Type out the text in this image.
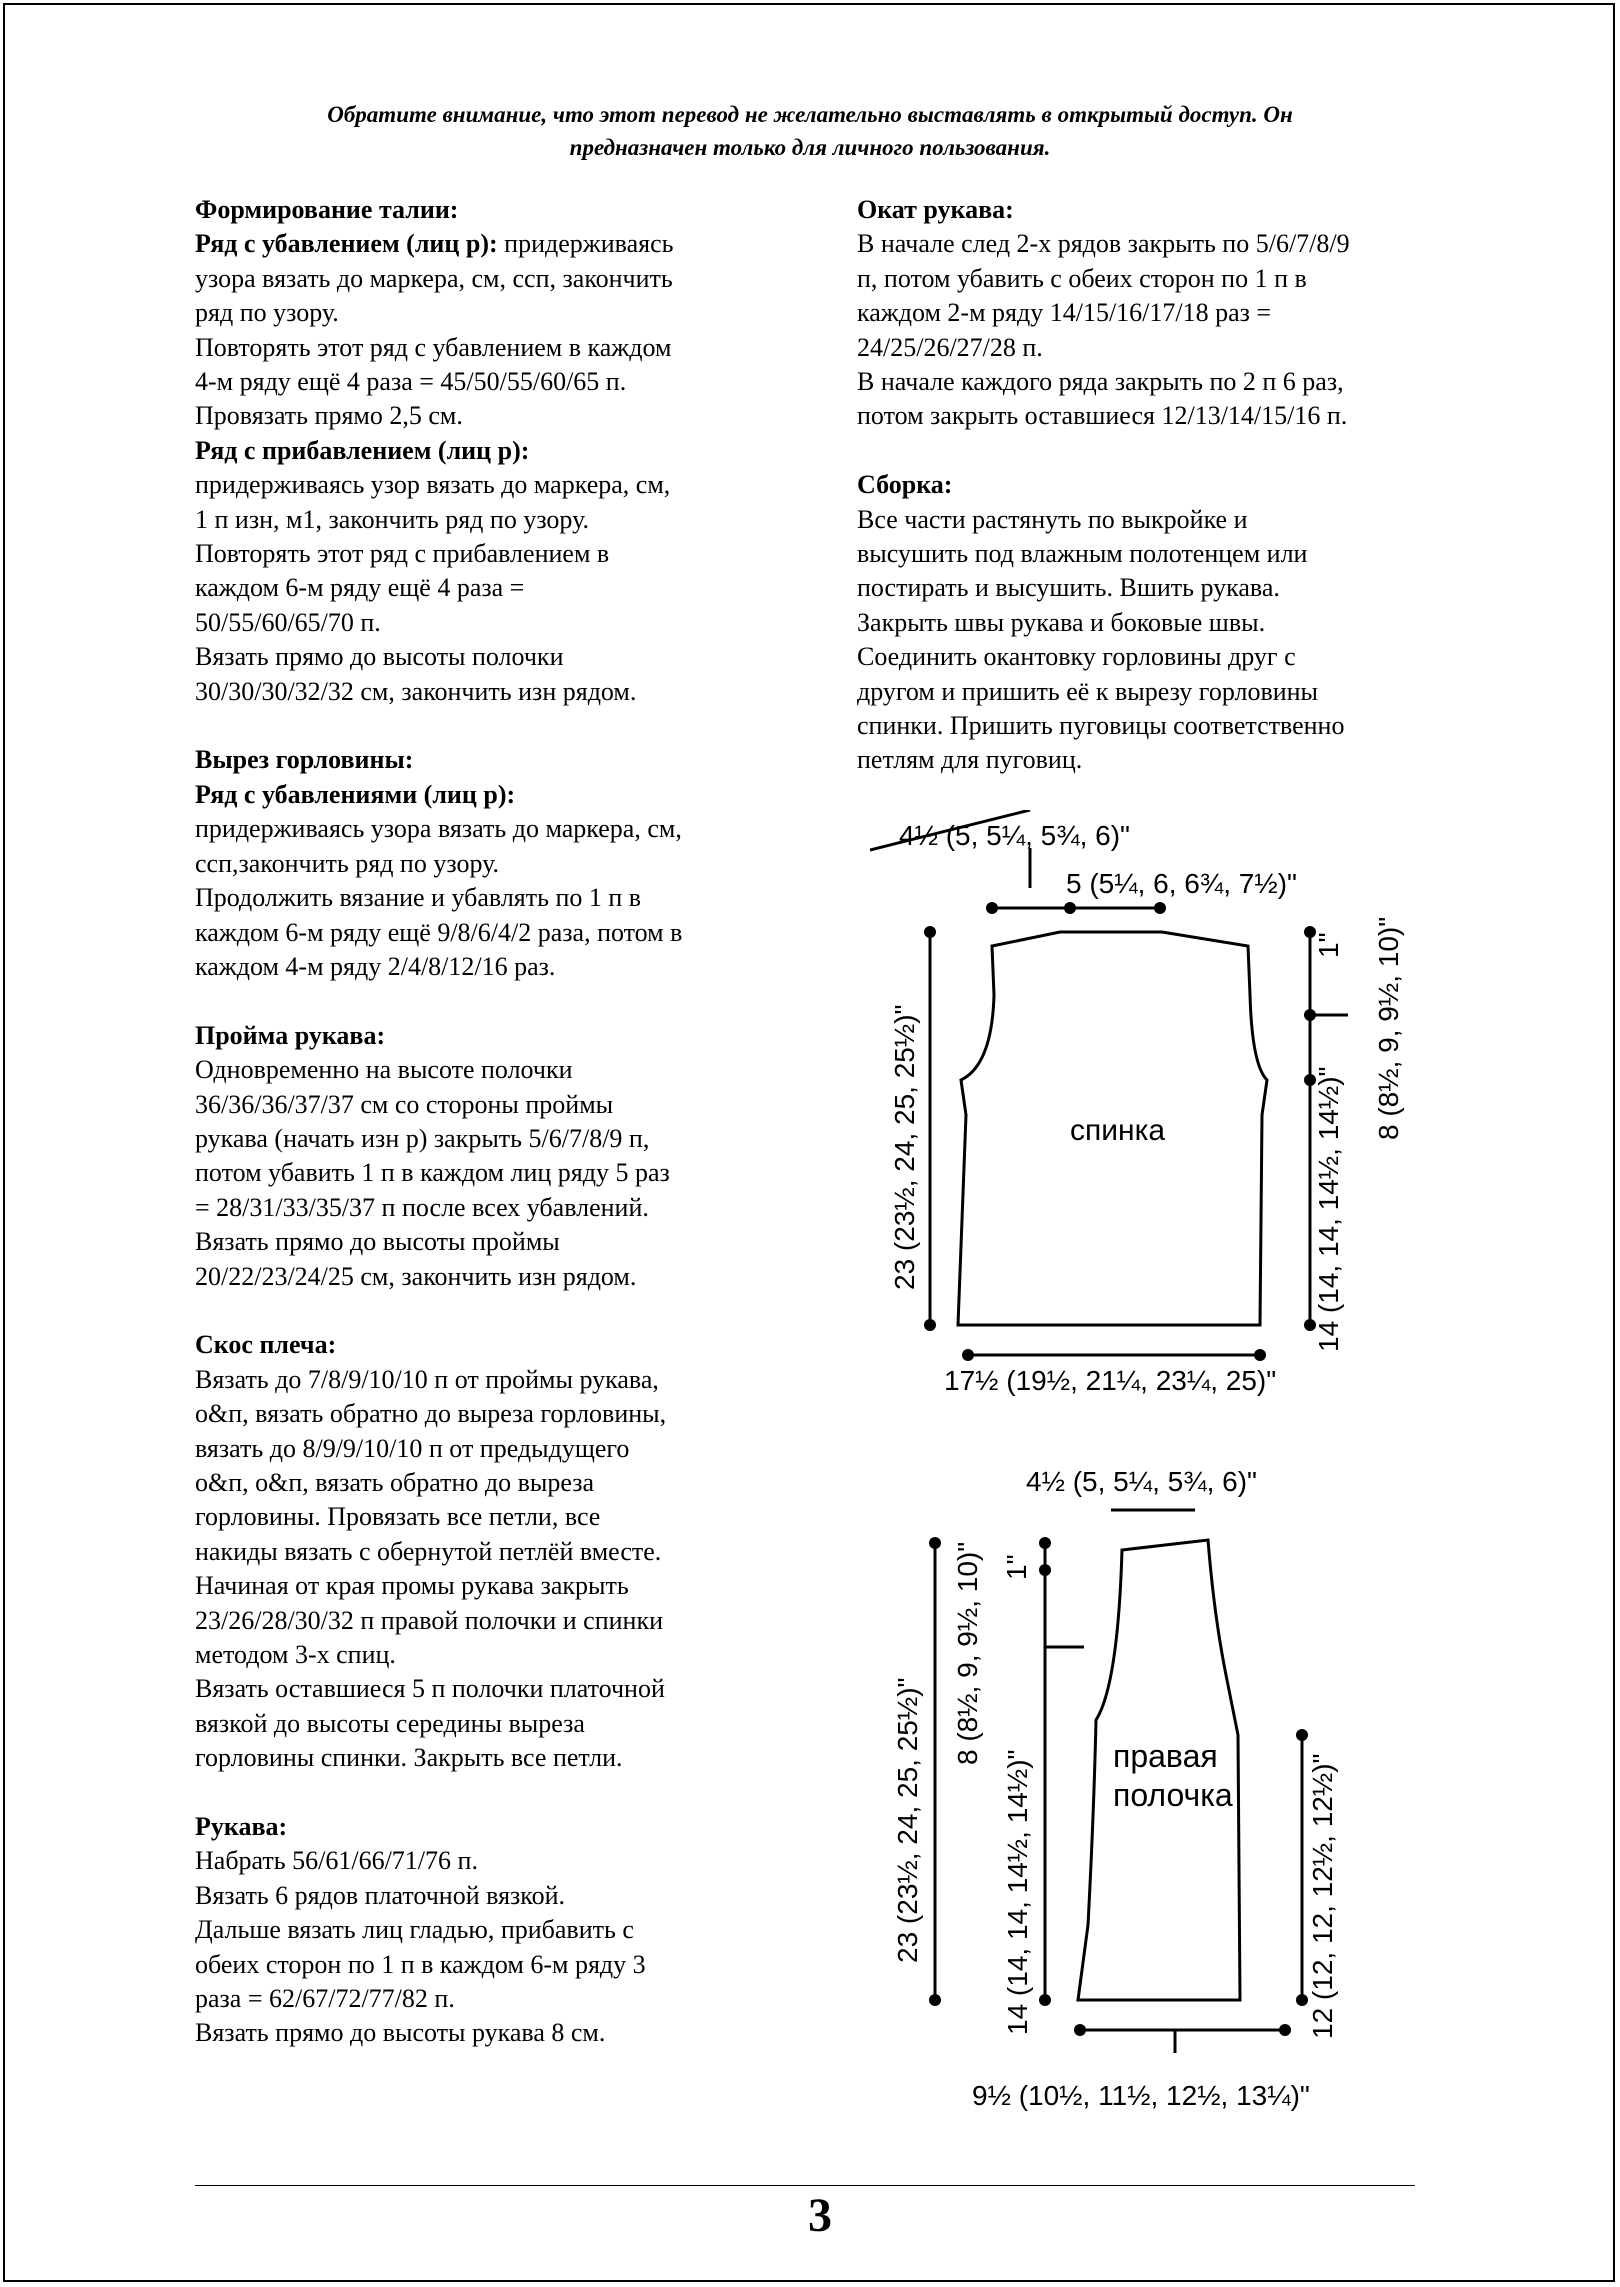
Обратите внимание, что этот перевод не желательно выставлять в открытый доступ. Он
предназначен только для личного пользования.
Формирование талии:
Ряд с убавлением (лиц р): придерживаясь
узора вязать до маркера, см, ссп, закончить
ряд по узору.
Повторять этот ряд с убавлением в каждом
4-м ряду ещё 4 раза = 45/50/55/60/65 п.
Провязать прямо 2,5 см.
Ряд с прибавлением (лиц р):
придерживаясь узор вязать до маркера, см,
1 п изн, м1, закончить ряд по узору.
Повторять этот ряд с прибавлением в
каждом 6-м ряду ещё 4 раза =
50/55/60/65/70 п.
Вязать прямо до высоты полочки
30/30/30/32/32 см, закончить изн рядом.
Вырез горловины:
Ряд с убавлениями (лиц р):
придерживаясь узора вязать до маркера, см,
ссп,закончить ряд по узору.
Продолжить вязание и убавлять по 1 п в
каждом 6-м ряду ещё 9/8/6/4/2 раза, потом в
каждом 4-м ряду 2/4/8/12/16 раз.
Пройма рукава:
Одновременно на высоте полочки
36/36/36/37/37 см со стороны проймы
рукава (начать изн р) закрыть 5/6/7/8/9 п,
потом убавить 1 п в каждом лиц ряду 5 раз
= 28/31/33/35/37 п после всех убавлений.
Вязать прямо до высоты проймы
20/22/23/24/25 см, закончить изн рядом.
Скос плеча:
Вязать до 7/8/9/10/10 п от проймы рукава,
о&п, вязать обратно до выреза горловины,
вязать до 8/9/9/10/10 п от предыдущего
о&п, о&п, вязать обратно до выреза
горловины. Провязать все петли, все
накиды вязать с обернутой петлёй вместе.
Начиная от края промы рукава закрыть
23/26/28/30/32 п правой полочки и спинки
методом 3-х спиц.
Вязать оставшиеся 5 п полочки платочной
вязкой до высоты середины выреза
горловины спинки. Закрыть все петли.
Рукава:
Набрать 56/61/66/71/76 п.
Вязать 6 рядов платочной вязкой.
Дальше вязать лиц гладью, прибавить с
обеих сторон по 1 п в каждом 6-м ряду 3
раза = 62/67/72/77/82 п.
Вязать прямо до высоты рукава 8 см.
Окат рукава:
В начале след 2-х рядов закрыть по 5/6/7/8/9
п, потом убавить с обеих сторон по 1 п в
каждом 2-м ряду 14/15/16/17/18 раз =
24/25/26/27/28 п.
В начале каждого ряда закрыть по 2 п 6 раз,
потом закрыть оставшиеся 12/13/14/15/16 п.
Сборка:
Все части растянуть по выкройке и
высушить под влажным полотенцем или
постирать и высушить. Вшить рукава.
Закрыть швы рукава и боковые швы.
Соединить окантовку горловины друг с
другом и пришить её к вырезу горловины
спинки. Пришить пуговицы соответственно
петлям для пуговиц.
4½ (5, 5¼, 5¾, 6)"
5 (5¼, 6, 6¾, 7½)"
спинка
23 (23½, 24, 25, 25½)"
1"
14 (14, 14, 14½, 14½)"
8 (8½, 9, 9½, 10)"
17½ (19½, 21¼, 23¼, 25)"
4½ (5, 5¼, 5¾, 6)"
правая
полочка
23 (23½, 24, 25, 25½)"
8 (8½, 9, 9½, 10)" 1"
14 (14, 14, 14½, 14½)"	12 (12, 12, 12½, 12½)"
9½ (10½, 11½, 12½, 13¼)"
3
